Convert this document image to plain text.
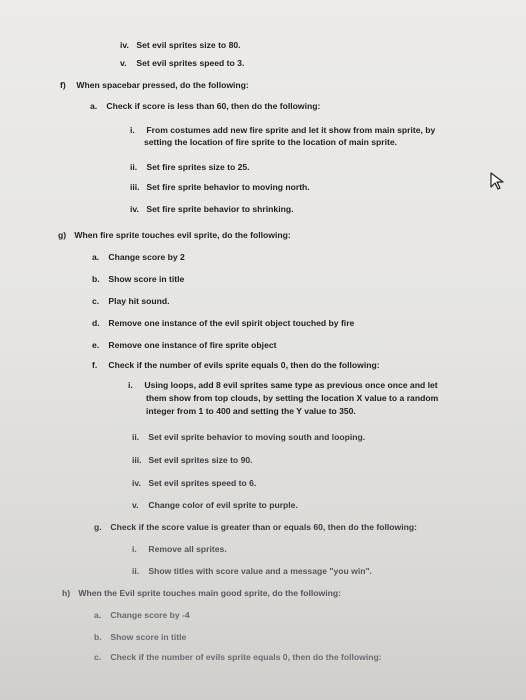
iv. Set evil sprites size to 80.
v. Set evil sprites speed to 3.
f) When spacebar pressed, do the following:
a. Check if score is less than 60, then do the following:
i. From costumes add new fire sprite and let it show from main sprite, by
setting the location of fire sprite to the location of main sprite.
ii. Set fire sprites size to 25.
iii. Set fire sprite behavior to moving north.
iv. Set fire sprite behavior to shrinking.
g) When fire sprite touches evil sprite, do the following:
a. Change score by 2
b. Show score in title
c. Play hit sound.
d. Remove one instance of the evil spirit object touched by fire
e. Remove one instance of fire sprite object
f. Check if the number of evils sprite equals 0, then do the following:
i. Using loops, add 8 evil sprites same type as previous once once and let
them show from top clouds, by setting the location X value to a random
integer from 1 to 400 and setting the Y value to 350.
ii. Set evil sprite behavior to moving south and looping.
iii. Set evil sprites size to 90.
iv. Set evil sprites speed to 6.
v. Change color of evil sprite to purple.
g. Check if the score value is greater than or equals 60, then do the following:
i. Remove all sprites.
ii. Show titles with score value and a message "you win".
h) When the Evil sprite touches main good sprite, do the following:
a. Change score by -4
b. Show score in title
c. Check if the number of evils sprite equals 0, then do the following:
